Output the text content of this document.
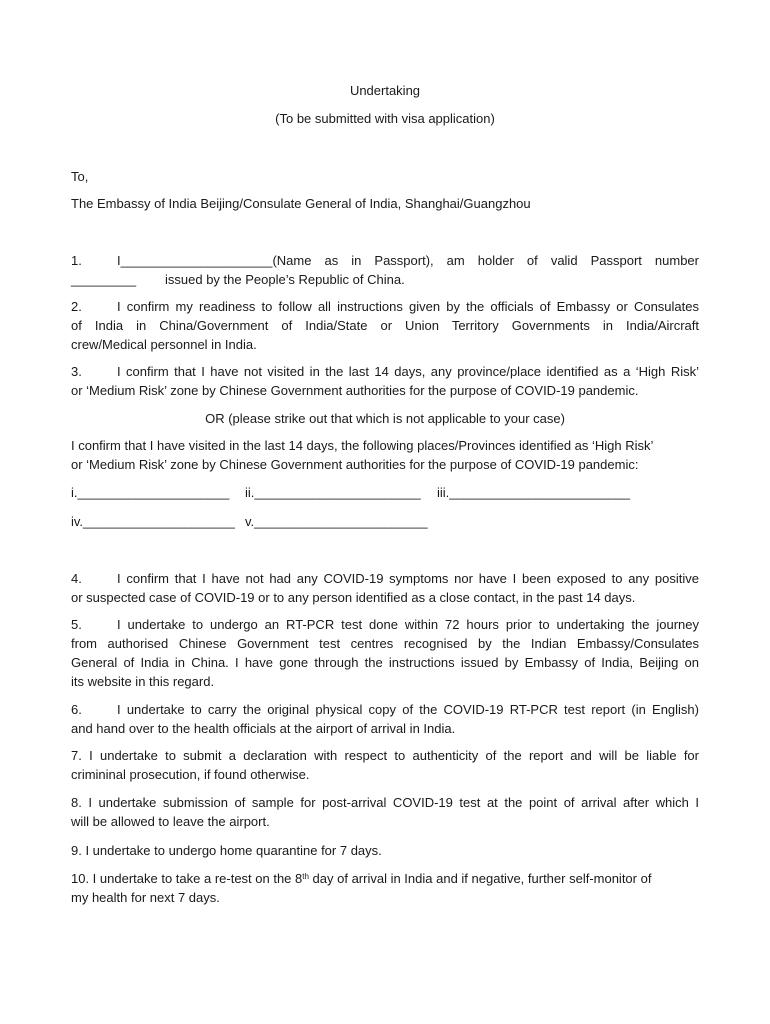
Undertaking
(To be submitted with visa application)
To,
The Embassy of India Beijing/Consulate General of India, Shanghai/Guangzhou
1.	I_____________________(Name as in Passport), am holder of valid Passport number
_________ issued by the People’s Republic of China.
2.	I confirm my readiness to follow all instructions given by the officials of Embassy or Consulates
of India in China/Government of India/State or Union Territory Governments in India/Aircraft
crew/Medical personnel in India.
3.	I confirm that I have not visited in the last 14 days, any province/place identified as a ‘High Risk’
or ‘Medium Risk’ zone by Chinese Government authorities for the purpose of COVID-19 pandemic.
OR (please strike out that which is not applicable to your case)
I confirm that I have visited in the last 14 days, the following places/Provinces identified as ‘High Risk’
or ‘Medium Risk’ zone by Chinese Government authorities for the purpose of COVID-19 pandemic:
i._____________________ ii._______________________ iii._________________________
iv._____________________ v.________________________
4.	I confirm that I have not had any COVID-19 symptoms nor have I been exposed to any positive
or suspected case of COVID-19 or to any person identified as a close contact, in the past 14 days.
5.	I undertake to undergo an RT-PCR test done within 72 hours prior to undertaking the journey
from authorised Chinese Government test centres recognised by the Indian Embassy/Consulates
General of India in China. I have gone through the instructions issued by Embassy of India, Beijing on
its website in this regard.
6.	I undertake to carry the original physical copy of the COVID-19 RT-PCR test report (in English)
and hand over to the health officials at the airport of arrival in India.
7. I undertake to submit a declaration with respect to authenticity of the report and will be liable for
crimininal prosecution, if found otherwise.
8. I undertake submission of sample for post-arrival COVID-19 test at the point of arrival after which I
will be allowed to leave the airport.
9. I undertake to undergo home quarantine for 7 days.
10. I undertake to take a re-test on the 8th day of arrival in India and if negative, further self-monitor of
my health for next 7 days.
